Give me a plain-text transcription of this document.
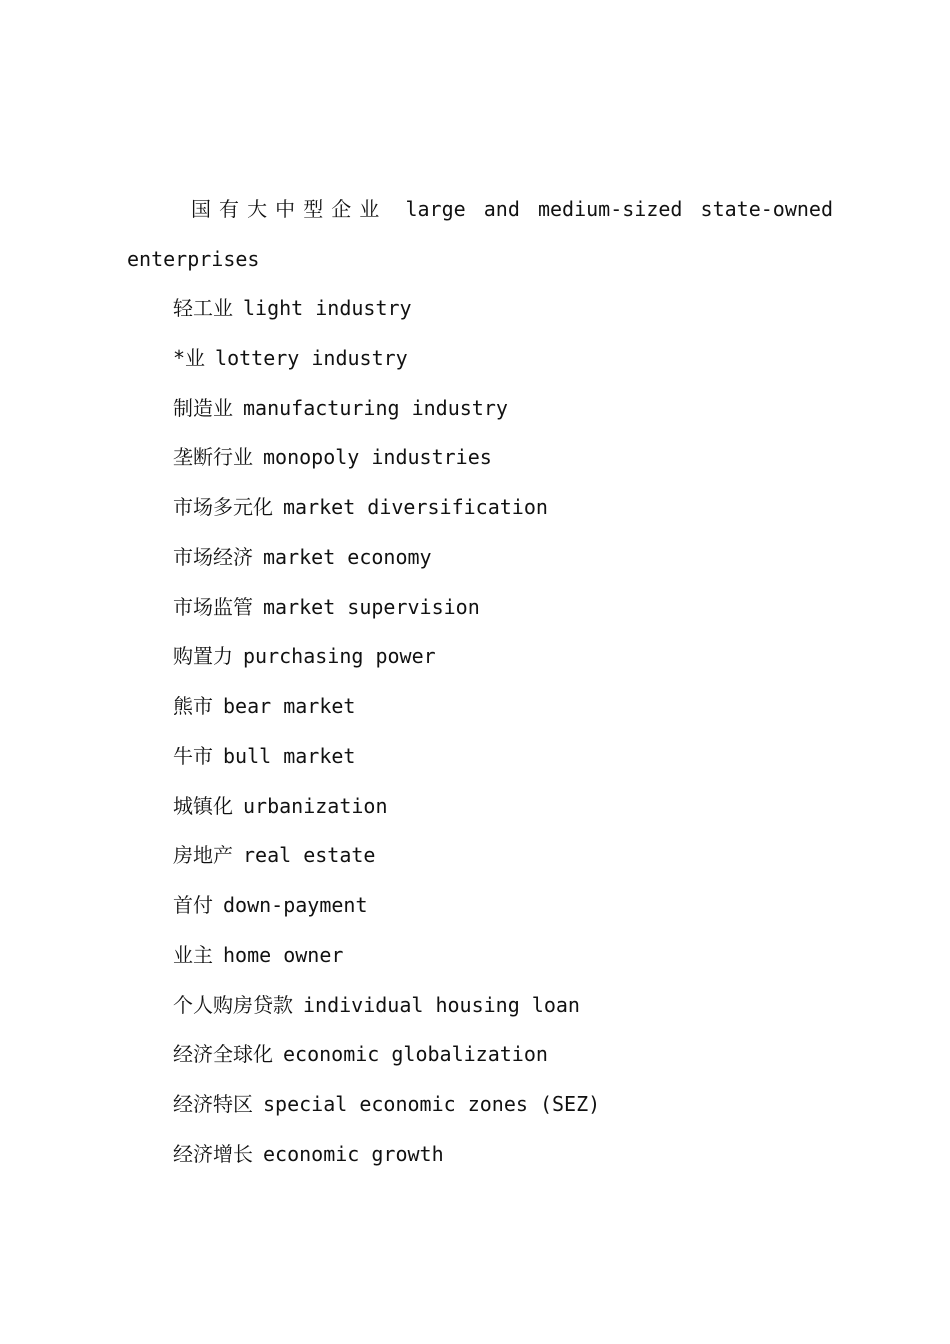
国有大中型企业 large and medium-sized state-owned enterprises
轻工业 light industry
*业 lottery industry
制造业 manufacturing industry
垄断行业 monopoly industries
市场多元化 market diversification
市场经济 market economy
市场监管 market supervision
购置力 purchasing power
熊市 bear market
牛市 bull market
城镇化 urbanization
房地产 real estate
首付 down-payment
业主 home owner
个人购房贷款 individual housing loan
经济全球化 economic globalization
经济特区 special economic zones (SEZ)
经济增长 economic growth
